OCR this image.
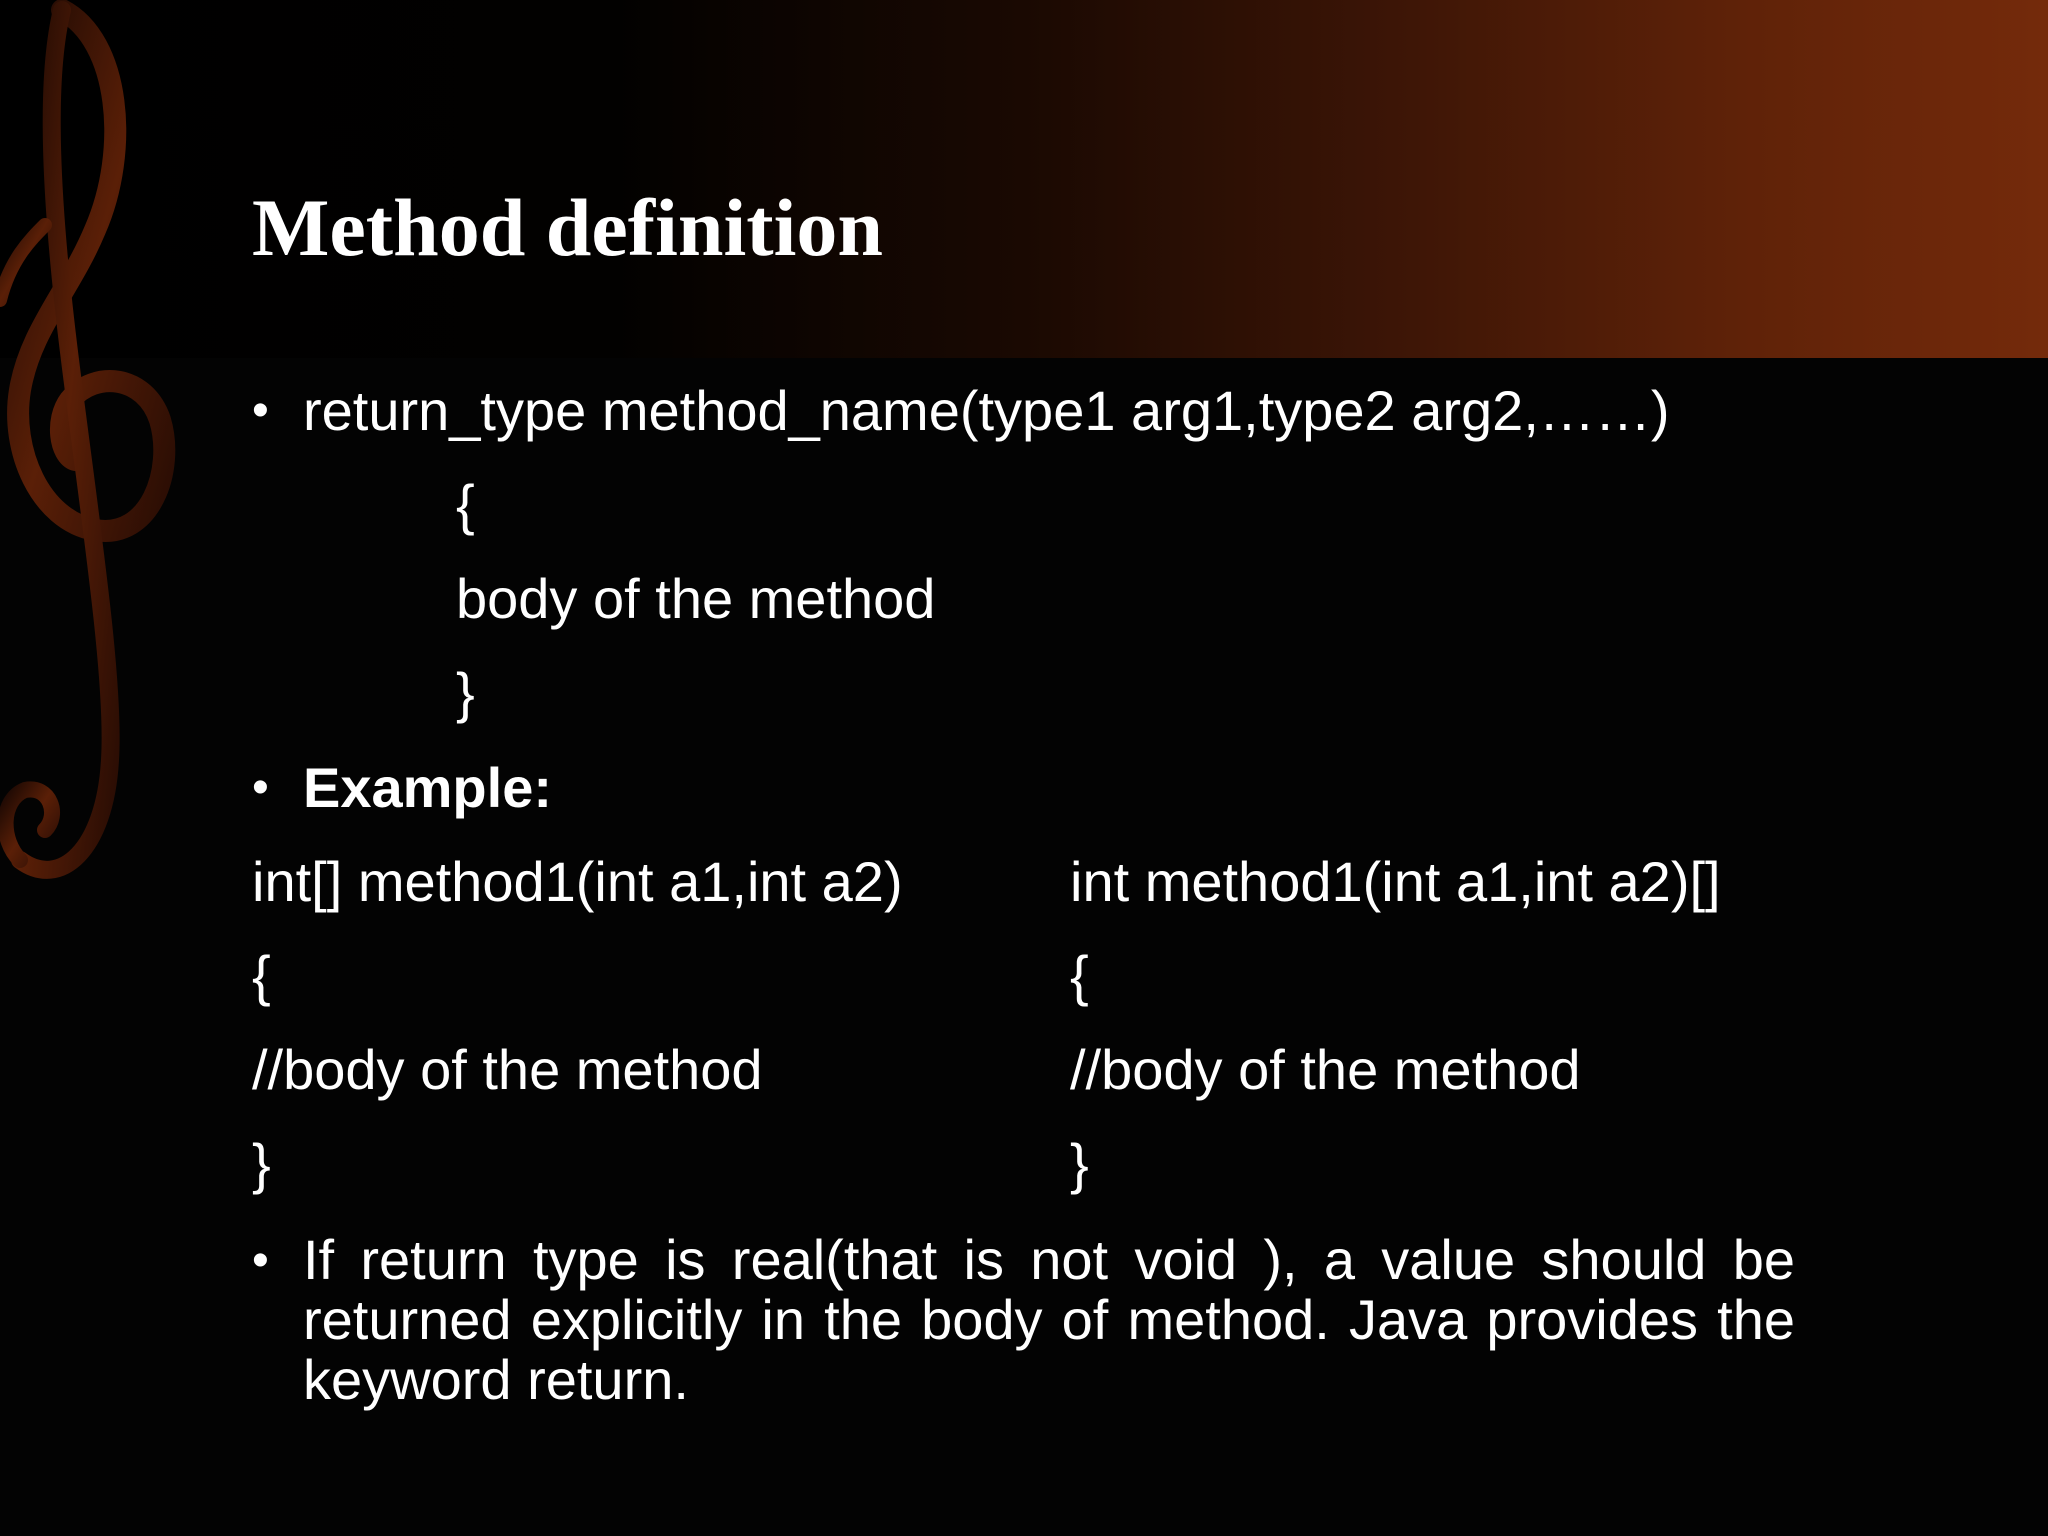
Method definition
• return_type method_name(type1 arg1,type2 arg2,……)
{
body of the method
}
• Example:
int[] method1(int a1,int a2)
{
//body of the method
}
int method1(int a1,int a2)[]
{
//body of the method
}
• If return type is real(that is not void ), a value should be returned explicitly in the body of method. Java provides the keyword return.
